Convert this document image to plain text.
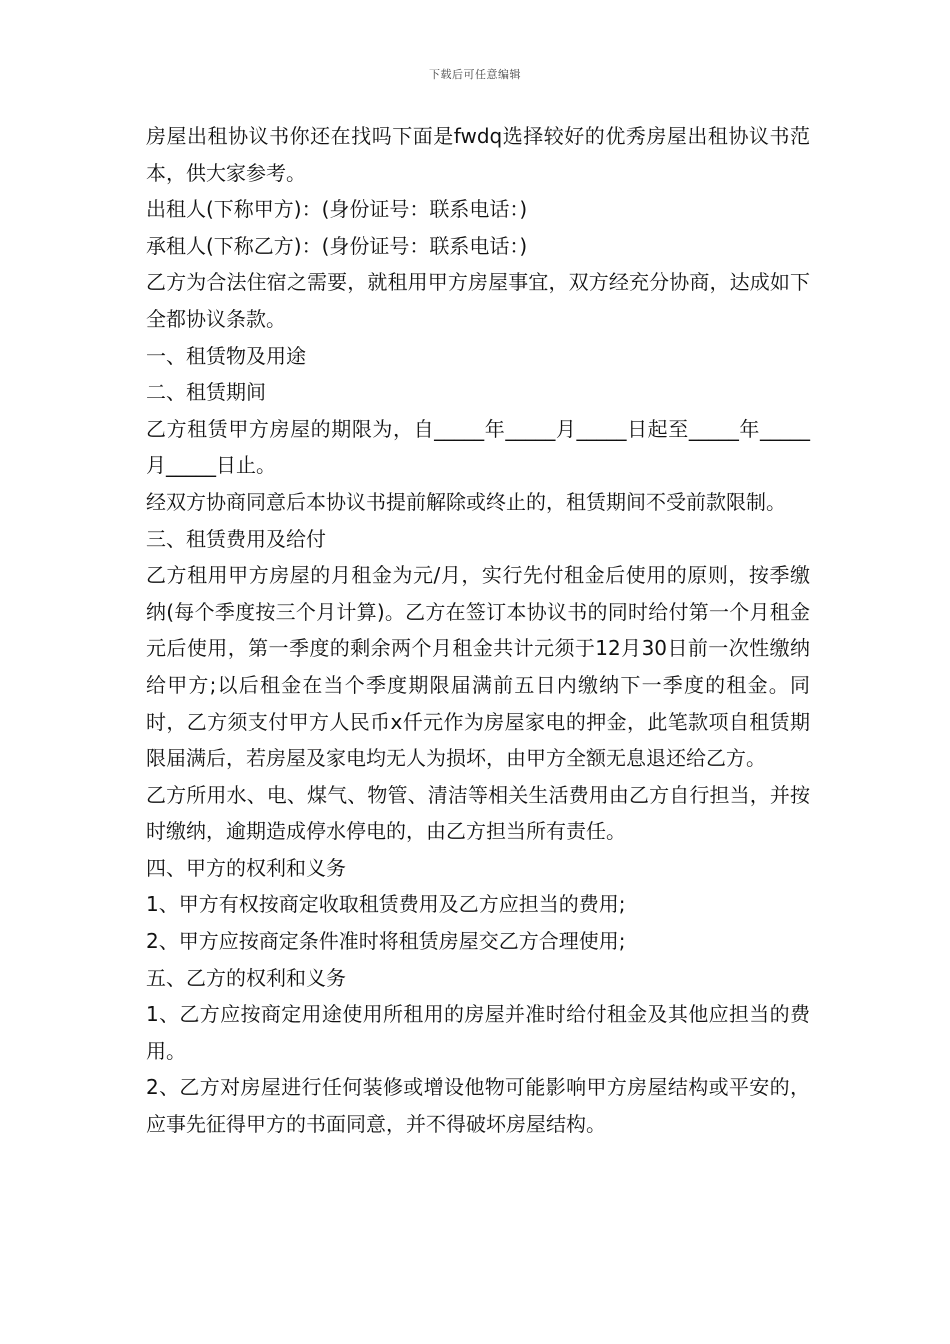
下载后可任意编辑

房屋出租协议书你还在找吗下面是fwdq选择较好的优秀房屋出租协议书范本，供大家参考。

出租人(下称甲方)：(身份证号：联系电话：)

承租人(下称乙方)：(身份证号：联系电话：)

乙方为合法住宿之需要，就租用甲方房屋事宜，双方经充分协商，达成如下全都协议条款。

一、租赁物及用途

二、租赁期间

乙方租赁甲方房屋的期限为，自_____年_____月_____日起至_____年_____月_____日止。

经双方协商同意后本协议书提前解除或终止的，租赁期间不受前款限制。

三、租赁费用及给付

乙方租用甲方房屋的月租金为元/月，实行先付租金后使用的原则，按季缴纳(每个季度按三个月计算)。乙方在签订本协议书的同时给付第一个月租金元后使用，第一季度的剩余两个月租金共计元须于12月30日前一次性缴纳给甲方;以后租金在当个季度期限届满前五日内缴纳下一季度的租金。同时，乙方须支付甲方人民币x仟元作为房屋家电的押金，此笔款项自租赁期限届满后，若房屋及家电均无人为损坏，由甲方全额无息退还给乙方。

乙方所用水、电、煤气、物管、清洁等相关生活费用由乙方自行担当，并按时缴纳，逾期造成停水停电的，由乙方担当所有责任。

四、甲方的权利和义务

1、甲方有权按商定收取租赁费用及乙方应担当的费用;

2、甲方应按商定条件准时将租赁房屋交乙方合理使用;

五、乙方的权利和义务

1、乙方应按商定用途使用所租用的房屋并准时给付租金及其他应担当的费用。

2、乙方对房屋进行任何装修或增设他物可能影响甲方房屋结构或平安的，应事先征得甲方的书面同意，并不得破坏房屋结构。
